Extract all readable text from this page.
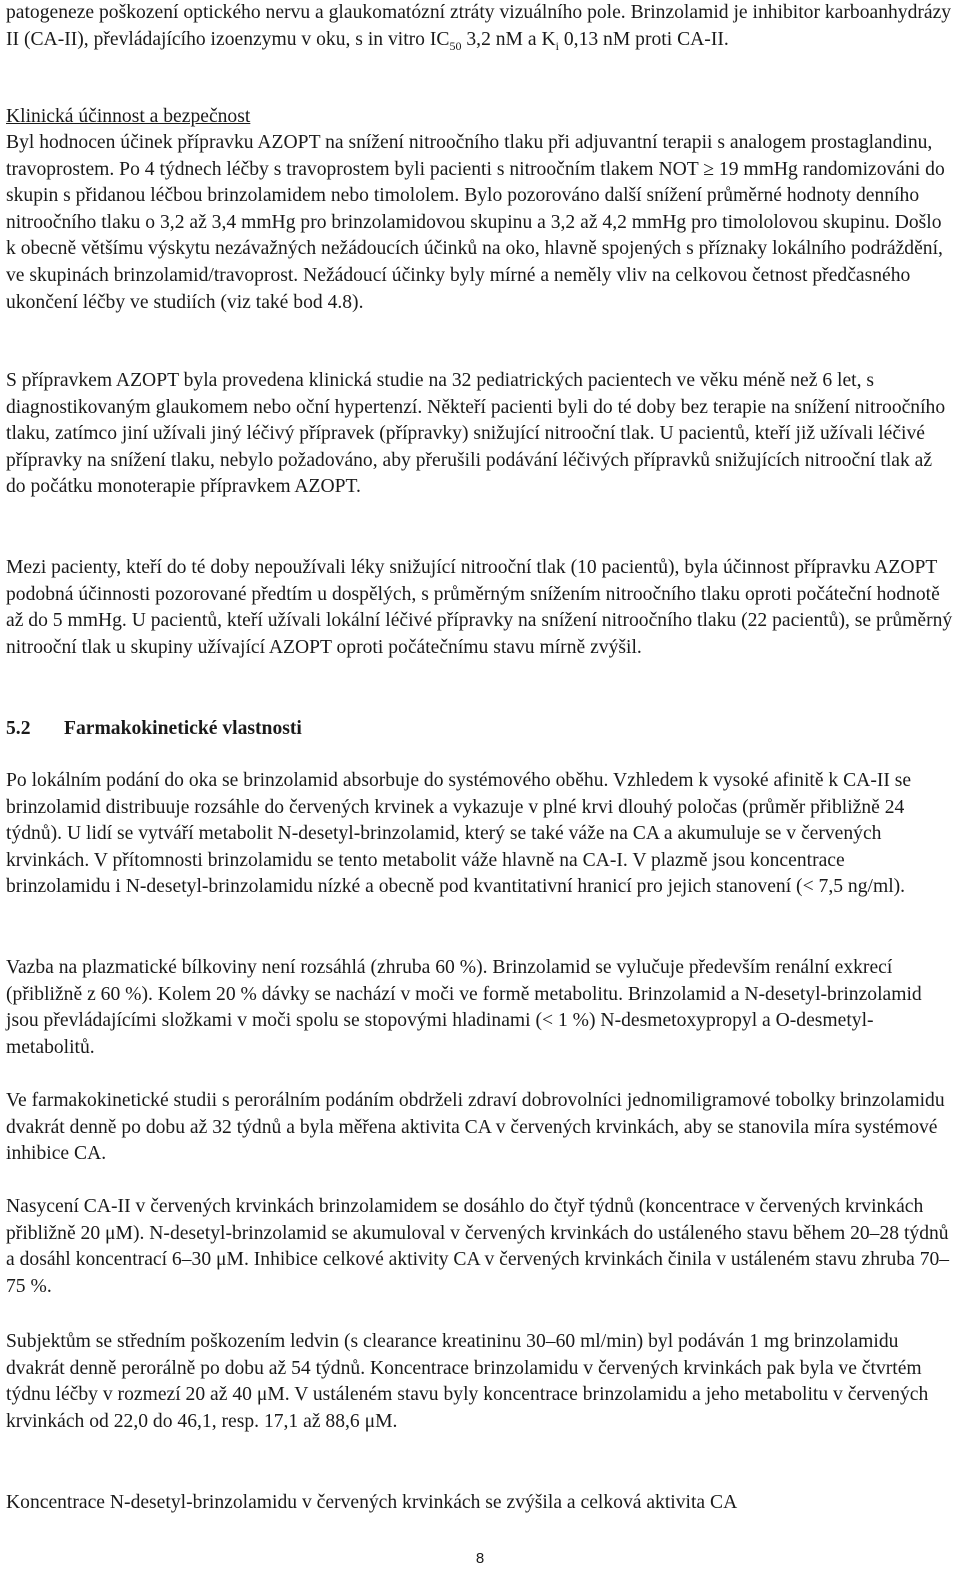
patogeneze poškození optického nervu a glaukomatózní ztráty vizuálního pole. Brinzolamid je inhibitor karboanhydrázy II (CA-II), převládajícího izoenzymu v oku, s in vitro $IC_{50}$ 3,2 nM a $K_i$ 0,13 nM proti CA-II.

Klinická účinnost a bezpečnost

Byl hodnocen účinek přípravku AZOPT na snížení nitroočního tlaku při adjuvantní terapii s analogem prostaglandinu, travoprostem. Po 4 týdnech léčby s travoprostem byli pacienti s nitroočním tlakem NOT ≥ 19 mmHg randomizováni do skupin s přidanou léčbou brinzolamidem nebo timololem. Bylo pozorováno další snížení průměrné hodnoty denního nitroočního tlaku o 3,2 až 3,4 mmHg pro brinzolamidovou skupinu a 3,2 až 4,2 mmHg pro timololovou skupinu. Došlo k obecně většímu výskytu nezávažných nežádoucích účinků na oko, hlavně spojených s příznaky lokálního podráždění, ve skupinách brinzolamid/travoprost. Nežádoucí účinky byly mírné a neměly vliv na celkovou četnost předčasného ukončení léčby ve studiích (viz také bod 4.8).

S přípravkem AZOPT byla provedena klinická studie na 32 pediatrických pacientech ve věku méně než 6 let, s diagnostikovaným glaukomem nebo oční hypertenzí. Někteří pacienti byli do té doby bez terapie na snížení nitroočního tlaku, zatímco jiní užívali jiný léčivý přípravek (přípravky) snižující nitrooční tlak. U pacientů, kteří již užívali léčivé přípravky na snížení tlaku, nebylo požadováno, aby přerušili podávání léčivých přípravků snižujících nitrooční tlak až do počátku monoterapie přípravkem AZOPT.

Mezi pacienty, kteří do té doby nepoužívali léky snižující nitrooční tlak (10 pacientů), byla účinnost přípravku AZOPT podobná účinnosti pozorované předtím u dospělých, s průměrným snížením nitroočního tlaku oproti počáteční hodnotě až do 5 mmHg. U pacientů, kteří užívali lokální léčivé přípravky na snížení nitroočního tlaku (22 pacientů), se průměrný nitrooční tlak u skupiny užívající AZOPT oproti počátečnímu stavu mírně zvýšil.

5.2 Farmakokinetické vlastnosti

Po lokálním podání do oka se brinzolamid absorbuje do systémového oběhu. Vzhledem k vysoké afinitě k CA-II se brinzolamid distribuuje rozsáhle do červených krvinek a vykazuje v plné krvi dlouhý poločas (průměr přibližně 24 týdnů). U lidí se vytváří metabolit N-desetyl-brinzolamid, který se také váže na CA a akumuluje se v červených krvinkách. V přítomnosti brinzolamidu se tento metabolit váže hlavně na CA-I. V plazmě jsou koncentrace brinzolamidu i N-desetyl-brinzolamidu nízké a obecně pod kvantitativní hranicí pro jejich stanovení (< 7,5 ng/ml).

Vazba na plazmatické bílkoviny není rozsáhlá (zhruba 60 %). Brinzolamid se vylučuje především renální exkrecí (přibližně z 60 %). Kolem 20 % dávky se nachází v moči ve formě metabolitu. Brinzolamid a N-desetyl-brinzolamid jsou převládajícími složkami v moči spolu se stopovými hladinami (< 1 %) N-desmetoxypropyl a O-desmetyl-metabolitů.

Ve farmakokinetické studii s perorálním podáním obdrželi zdraví dobrovolníci jednomiligramové tobolky brinzolamidu dvakrát denně po dobu až 32 týdnů a byla měřena aktivita CA v červených krvinkách, aby se stanovila míra systémové inhibice CA.

Nasycení CA-II v červených krvinkách brinzolamidem se dosáhlo do čtyř týdnů (koncentrace v červených krvinkách přibližně 20 μM). N-desetyl-brinzolamid se akumuloval v červených krvinkách do ustáleného stavu během 20–28 týdnů a dosáhl koncentrací 6–30 μM. Inhibice celkové aktivity CA v červených krvinkách činila v ustáleném stavu zhruba 70–75 %.

Subjektům se středním poškozením ledvin (s clearance kreatininu 30–60 ml/min) byl podáván 1 mg brinzolamidu dvakrát denně perorálně po dobu až 54 týdnů. Koncentrace brinzolamidu v červených krvinkách pak byla ve čtvrtém týdnu léčby v rozmezí 20 až 40 μM. V ustáleném stavu byly koncentrace brinzolamidu a jeho metabolitu v červených krvinkách od 22,0 do 46,1, resp. 17,1 až 88,6 μM.

Koncentrace N-desetyl-brinzolamidu v červených krvinkách se zvýšila a celková aktivita CA

8
